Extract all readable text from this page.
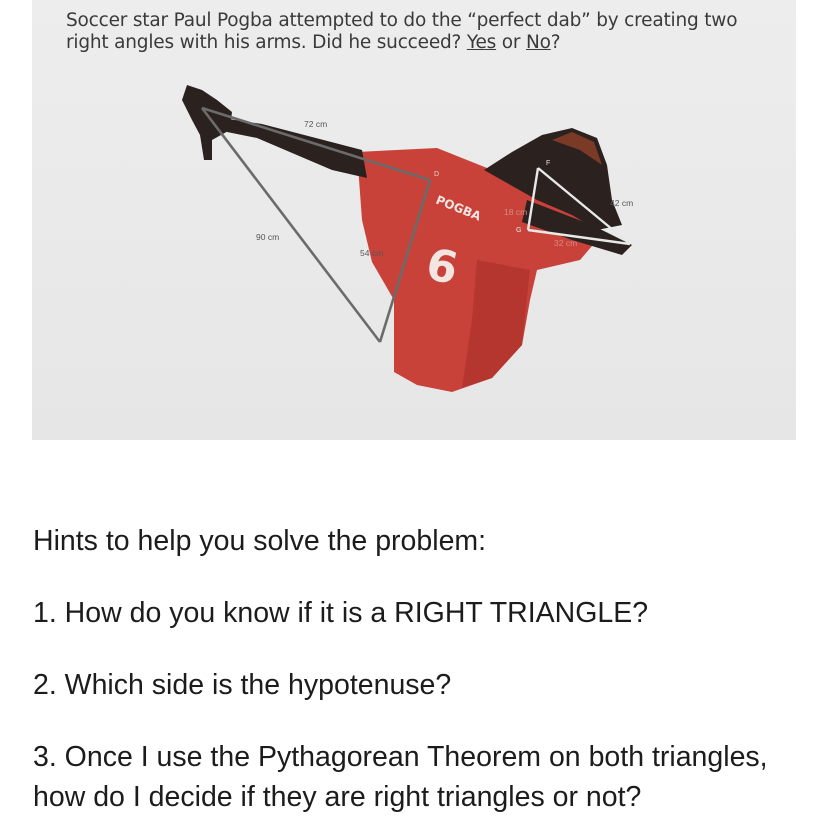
Soccer star Paul Pogba attempted to do the “perfect dab” by creating two right angles with his arms. Did he succeed? Yes or No?
POGBA
6
72 cm
90 cm
54 cm
42 cm
18 cm
32 cm
D
E
F
G
H
Hints to help you solve the problem:
1. How do you know if it is a RIGHT TRIANGLE?
2. Which side is the hypotenuse?
3. Once I use the Pythagorean Theorem on both triangles, how do I decide if they are right triangles or not?
